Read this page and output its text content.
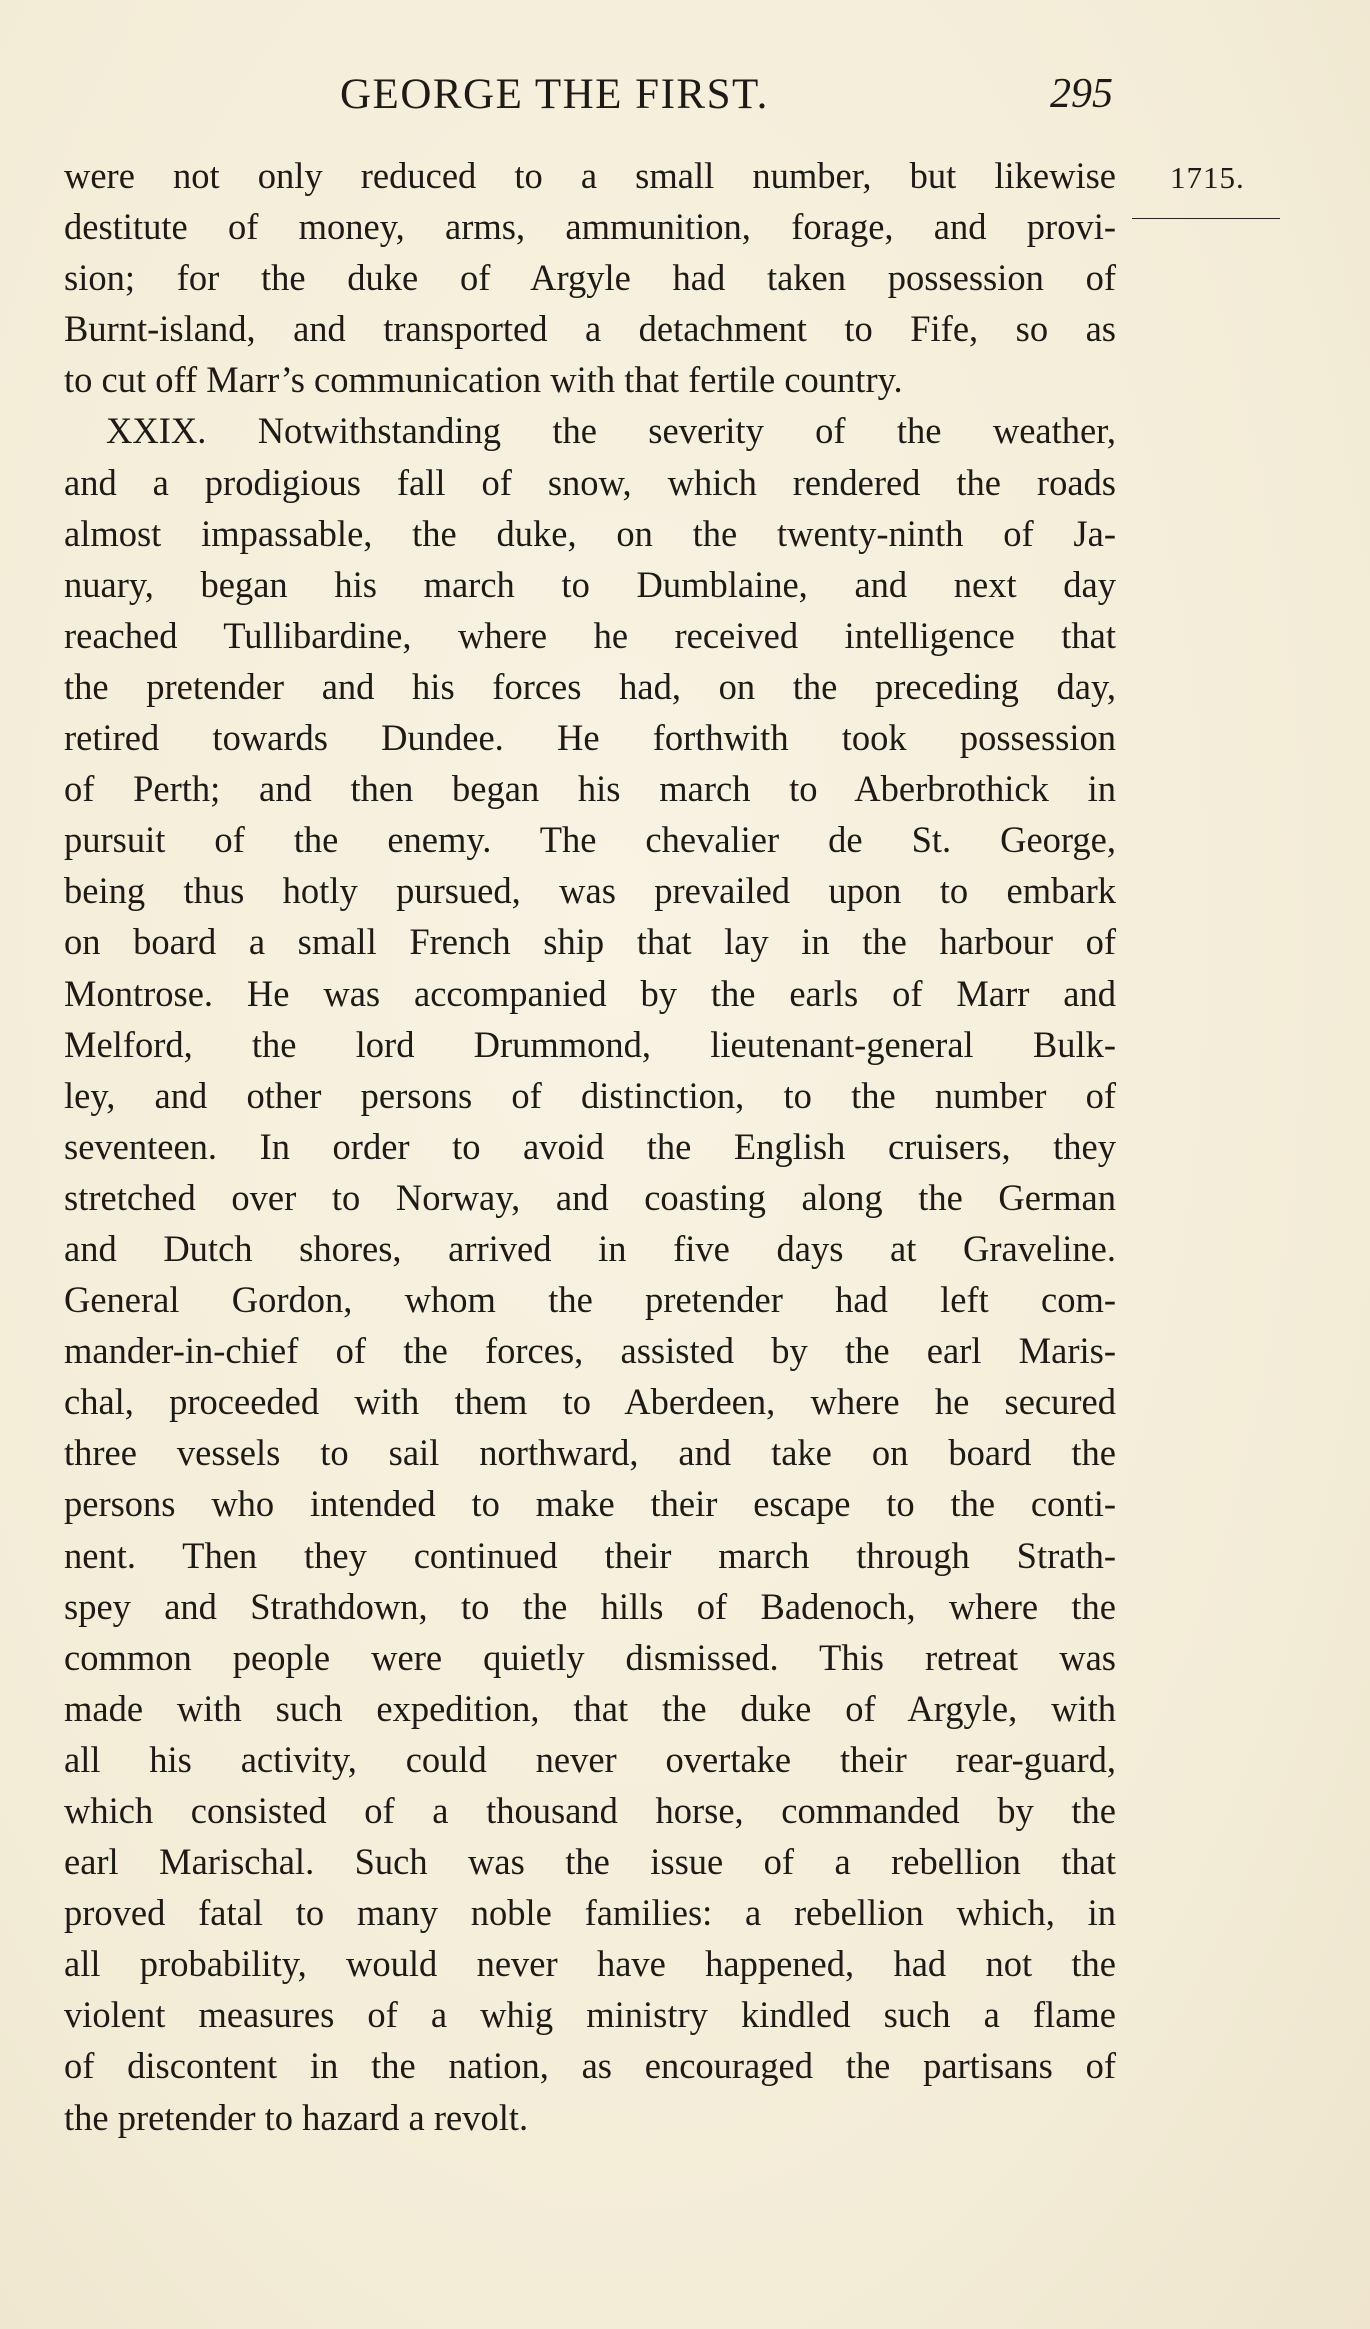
GEORGE THE FIRST.	295
1715.
were not only reduced to a small number, but likewise
destitute of money, arms, ammunition, forage, and provi-
sion; for the duke of Argyle had taken possession of
Burnt-island, and transported a detachment to Fife, so as
to cut off Marr’s communication with that fertile country.
XXIX. Notwithstanding the severity of the weather,
and a prodigious fall of snow, which rendered the roads
almost impassable, the duke, on the twenty-ninth of Ja-
nuary, began his march to Dumblaine, and next day
reached Tullibardine, where he received intelligence that
the pretender and his forces had, on the preceding day,
retired towards Dundee. He forthwith took possession
of Perth; and then began his march to Aberbrothick in
pursuit of the enemy. The chevalier de St. George,
being thus hotly pursued, was prevailed upon to embark
on board a small French ship that lay in the harbour of
Montrose. He was accompanied by the earls of Marr and
Melford, the lord Drummond, lieutenant-general Bulk-
ley, and other persons of distinction, to the number of
seventeen. In order to avoid the English cruisers, they
stretched over to Norway, and coasting along the German
and Dutch shores, arrived in five days at Graveline.
General Gordon, whom the pretender had left com-
mander-in-chief of the forces, assisted by the earl Maris-
chal, proceeded with them to Aberdeen, where he secured
three vessels to sail northward, and take on board the
persons who intended to make their escape to the conti-
nent. Then they continued their march through Strath-
spey and Strathdown, to the hills of Badenoch, where the
common people were quietly dismissed. This retreat was
made with such expedition, that the duke of Argyle, with
all his activity, could never overtake their rear-guard,
which consisted of a thousand horse, commanded by the
earl Marischal. Such was the issue of a rebellion that
proved fatal to many noble families: a rebellion which, in
all probability, would never have happened, had not the
violent measures of a whig ministry kindled such a flame
of discontent in the nation, as encouraged the partisans of
the pretender to hazard a revolt.
